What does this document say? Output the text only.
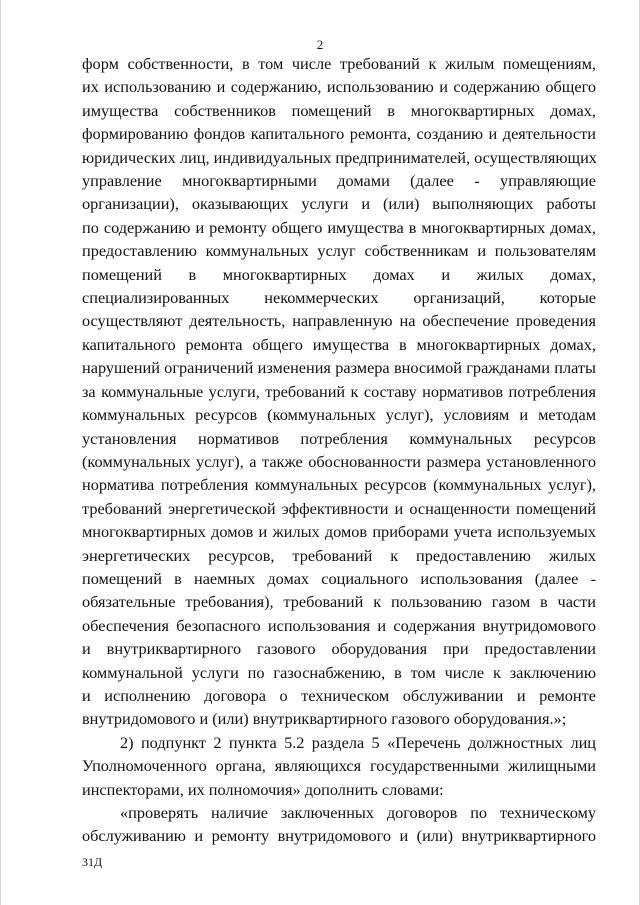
2
форм собственности, в том числе требований к жилым помещениям,
их использованию и содержанию, использованию и содержанию общего
имущества собственников помещений в многоквартирных домах,
формированию фондов капитального ремонта, созданию и деятельности
юридических лиц, индивидуальных предпринимателей, осуществляющих
управление многоквартирными домами (далее - управляющие
организации), оказывающих услуги и (или) выполняющих работы
по содержанию и ремонту общего имущества в многоквартирных домах,
предоставлению коммунальных услуг собственникам и пользователям
помещений в многоквартирных домах и жилых домах,
специализированных некоммерческих организаций, которые
осуществляют деятельность, направленную на обеспечение проведения
капитального ремонта общего имущества в многоквартирных домах,
нарушений ограничений изменения размера вносимой гражданами платы
за коммунальные услуги, требований к составу нормативов потребления
коммунальных ресурсов (коммунальных услуг), условиям и методам
установления нормативов потребления коммунальных ресурсов
(коммунальных услуг), а также обоснованности размера установленного
норматива потребления коммунальных ресурсов (коммунальных услуг),
требований энергетической эффективности и оснащенности помещений
многоквартирных домов и жилых домов приборами учета используемых
энергетических ресурсов, требований к предоставлению жилых
помещений в наемных домах социального использования (далее -
обязательные требования), требований к пользованию газом в части
обеспечения безопасного использования и содержания внутридомового
и внутриквартирного газового оборудования при предоставлении
коммунальной услуги по газоснабжению, в том числе к заключению
и исполнению договора о техническом обслуживании и ремонте
внутридомового и (или) внутриквартирного газового оборудования.»;
2) подпункт 2 пункта 5.2 раздела 5 «Перечень должностных лиц
Уполномоченного органа, являющихся государственными жилищными
инспекторами, их полномочия» дополнить словами:
«проверять наличие заключенных договоров по техническому
обслуживанию и ремонту внутридомового и (или) внутриквартирного
31Д
